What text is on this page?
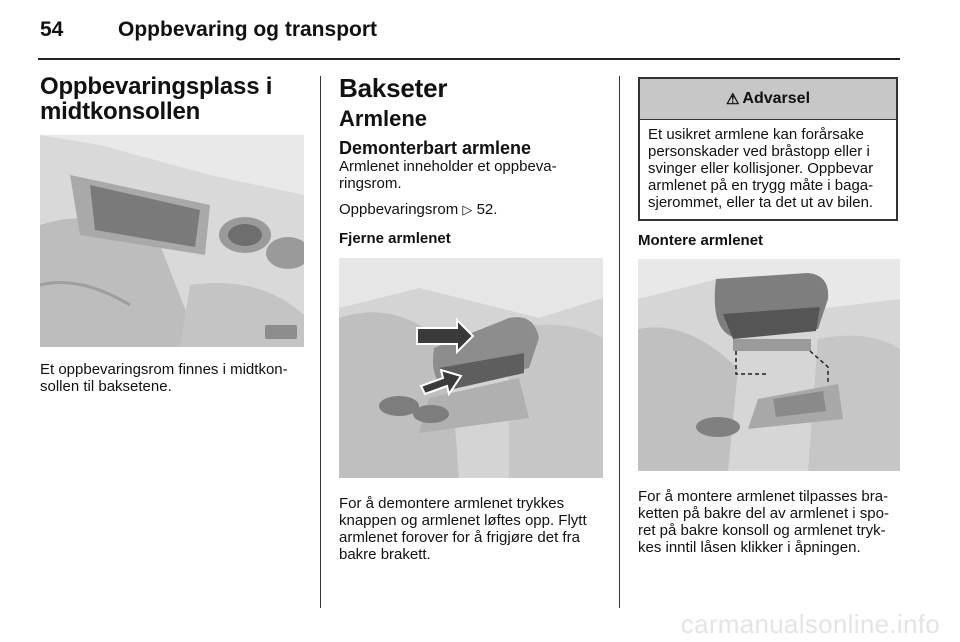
54	Oppbevaring og transport
Oppbevaringsplass i
midtkonsollen

Et oppbevaringsrom finnes i midtkon-
sollen til baksetene.

Bakseter
Armlene
Demonterbart armlene

Armlenet inneholder et oppbeva-
ringsrom.

Oppbevaringsrom ▷ 52.

Fjerne armlenet

For å demontere armlenet trykkes
knappen og armlenet løftes opp. Flytt
armlenet forover for å frigjøre det fra
bakre brakett.

⚠ Advarsel
Et usikret armlene kan forårsake
personskader ved bråstopp eller i
svinger eller kollisjoner. Oppbevar
armlenet på en trygg måte i baga-
sjerommet, eller ta det ut av bilen.

Montere armlenet

For å montere armlenet tilpasses bra-
ketten på bakre del av armlenet i spo-
ret på bakre konsoll og armlenet tryk-
kes inntil låsen klikker i åpningen.

carmanualsonline.info
